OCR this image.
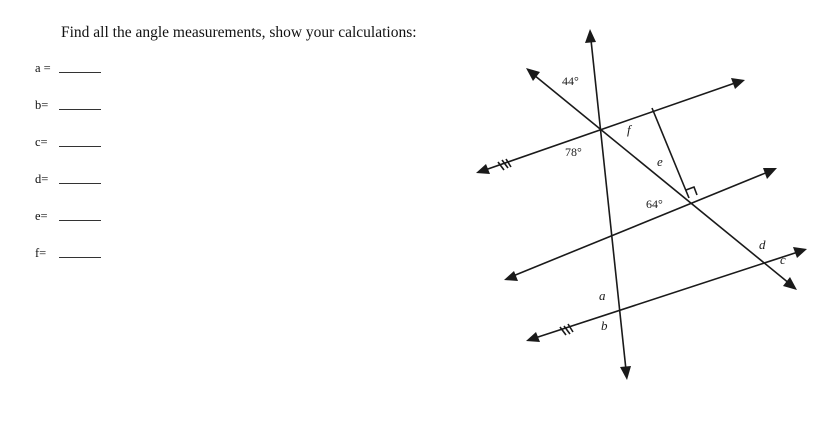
Find all the angle measurements, show your calculations:
a =
b=
c=
d=
e=
f=
44°
78°
64°
f
e
d
c
a
b
